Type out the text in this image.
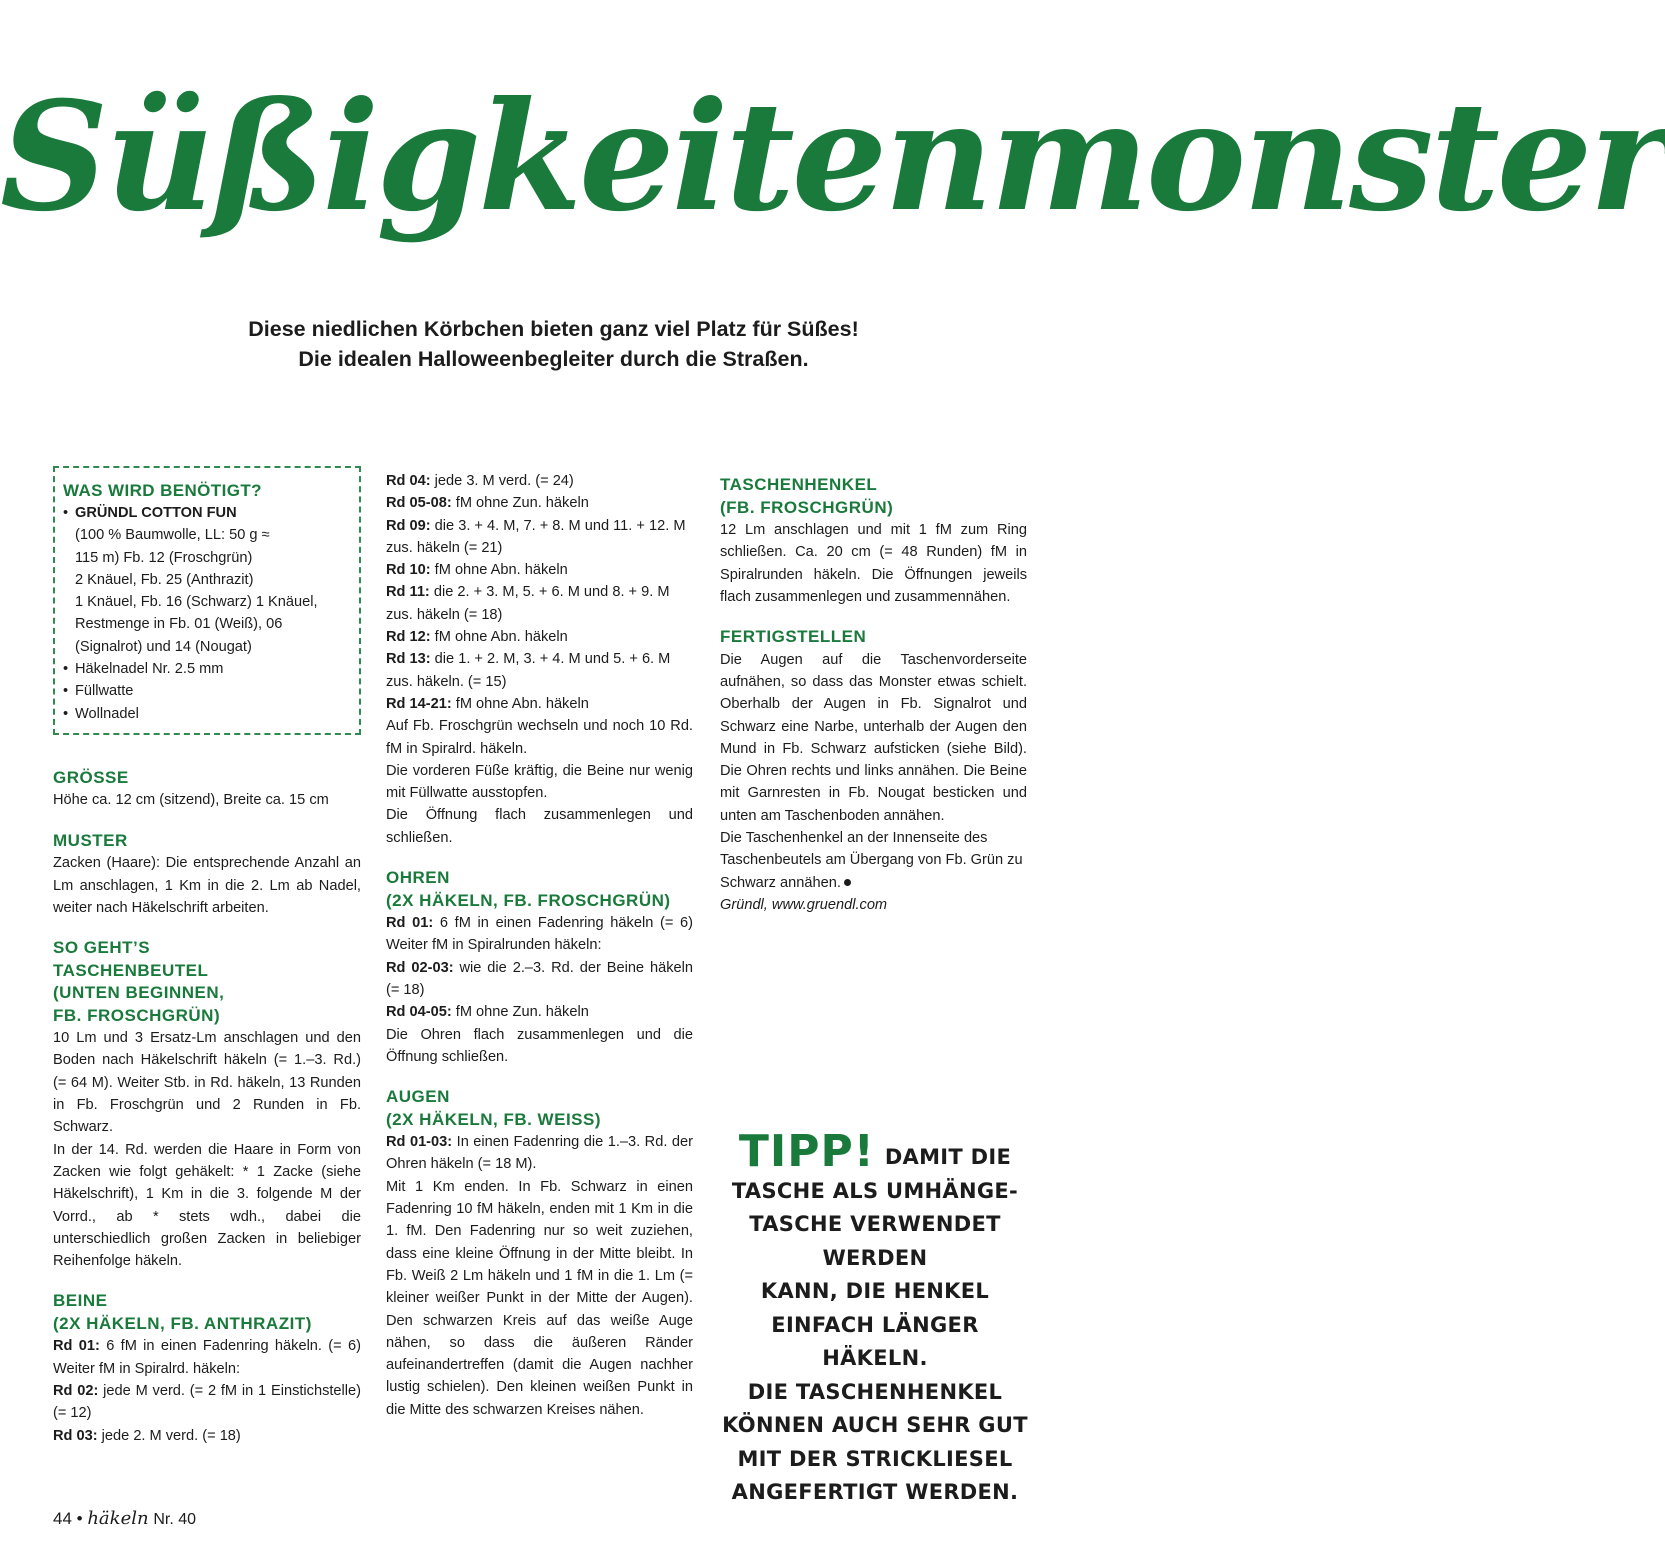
Süßigkeitenmonster
Diese niedlichen Körbchen bieten ganz viel Platz für Süßes!
Die idealen Halloweenbegleiter durch die Straßen.

WAS WIRD BENÖTIGT?

• GRÜNDL COTTON FUN
(100 % Baumwolle, LL: 50 g ≈
115 m) Fb. 12 (Froschgrün)
2 Knäuel, Fb. 25 (Anthrazit)
1 Knäuel, Fb. 16 (Schwarz) 1 Knäuel,
Restmenge in Fb. 01 (Weiß), 06
(Signalrot) und 14 (Nougat)
• Häkelnadel Nr. 2.5 mm
• Füllwatte
• Wollnadel

GRÖSSE

Höhe ca. 12 cm (sitzend), Breite ca. 15 cm

MUSTER

Zacken (Haare): Die entsprechende Anzahl an Lm anschlagen, 1 Km in die 2. Lm ab Nadel, weiter nach Häkelschrift arbeiten.

SO GEHT’S

TASCHENBEUTEL

(UNTEN BEGINNEN,

FB. FROSCHGRÜN)

10 Lm und 3 Ersatz-Lm anschlagen und den Boden nach Häkelschrift häkeln (= 1.–3. Rd.) (= 64 M). Weiter Stb. in Rd. häkeln, 13 Runden in Fb. Froschgrün und 2 Runden in Fb. Schwarz.

In der 14. Rd. werden die Haare in Form von Zacken wie folgt gehäkelt: * 1 Zacke (siehe Häkelschrift), 1 Km in die 3. folgende M der Vorrd., ab * stets wdh., dabei die unterschiedlich großen Zacken in beliebiger Reihenfolge häkeln.

BEINE

(2X HÄKELN, FB. ANTHRAZIT)

Rd 01: 6 fM in einen Fadenring häkeln. (= 6) Weiter fM in Spiralrd. häkeln:

Rd 02: jede M verd. (= 2 fM in 1 Einstichstelle) (= 12)

Rd 03: jede 2. M verd. (= 18)

Rd 04: jede 3. M verd. (= 24)

Rd 05-08: fM ohne Zun. häkeln

Rd 09: die 3. + 4. M, 7. + 8. M und 11. + 12. M zus. häkeln (= 21)

Rd 10: fM ohne Abn. häkeln

Rd 11: die 2. + 3. M, 5. + 6. M und 8. + 9. M zus. häkeln (= 18)

Rd 12: fM ohne Abn. häkeln

Rd 13: die 1. + 2. M, 3. + 4. M und 5. + 6. M zus. häkeln. (= 15)

Rd 14-21: fM ohne Abn. häkeln

Auf Fb. Froschgrün wechseln und noch 10 Rd. fM in Spiralrd. häkeln.

Die vorderen Füße kräftig, die Beine nur wenig mit Füllwatte ausstopfen.

Die Öffnung flach zusammenlegen und schließen.

OHREN

(2X HÄKELN, FB. FROSCHGRÜN)

Rd 01: 6 fM in einen Fadenring häkeln (= 6) Weiter fM in Spiralrunden häkeln:

Rd 02-03: wie die 2.–3. Rd. der Beine häkeln (= 18)

Rd 04-05: fM ohne Zun. häkeln

Die Ohren flach zusammenlegen und die Öffnung schließen.

AUGEN

(2X HÄKELN, FB. WEISS)

Rd 01-03: In einen Fadenring die 1.–3. Rd. der Ohren häkeln (= 18 M).

Mit 1 Km enden. In Fb. Schwarz in einen Fadenring 10 fM häkeln, enden mit 1 Km in die 1. fM. Den Fadenring nur so weit zuziehen, dass eine kleine Öffnung in der Mitte bleibt. In Fb. Weiß 2 Lm häkeln und 1 fM in die 1. Lm (= kleiner weißer Punkt in der Mitte der Augen). Den schwarzen Kreis auf das weiße Auge nähen, so dass die äußeren Ränder aufeinandertreffen (damit die Augen nachher lustig schielen). Den kleinen weißen Punkt in die Mitte des schwarzen Kreises nähen.

TASCHENHENKEL

(FB. FROSCHGRÜN)

12 Lm anschlagen und mit 1 fM zum Ring schließen. Ca. 20 cm (= 48 Runden) fM in Spiralrunden häkeln. Die Öffnungen jeweils flach zusammenlegen und zusammennähen.

FERTIGSTELLEN

Die Augen auf die Taschenvorderseite aufnähen, so dass das Monster etwas schielt. Oberhalb der Augen in Fb. Signalrot und Schwarz eine Narbe, unterhalb der Augen den Mund in Fb. Schwarz aufsticken (siehe Bild). Die Ohren rechts und links annähen. Die Beine mit Garnresten in Fb. Nougat besticken und unten am Taschenboden annähen.

Die Taschenhenkel an der Innenseite des Taschenbeutels am Übergang von Fb. Grün zu Schwarz annähen.

Gründl, www.gruendl.com

TIPP! DAMIT DIE
TASCHE ALS UMHÄNGE-
TASCHE VERWENDET WERDEN
KANN, DIE HENKEL
EINFACH LÄNGER HÄKELN.
DIE TASCHENHENKEL
KÖNNEN AUCH SEHR GUT
MIT DER STRICKLIESEL
ANGEFERTIGT WERDEN.
44 • häkeln Nr. 40
